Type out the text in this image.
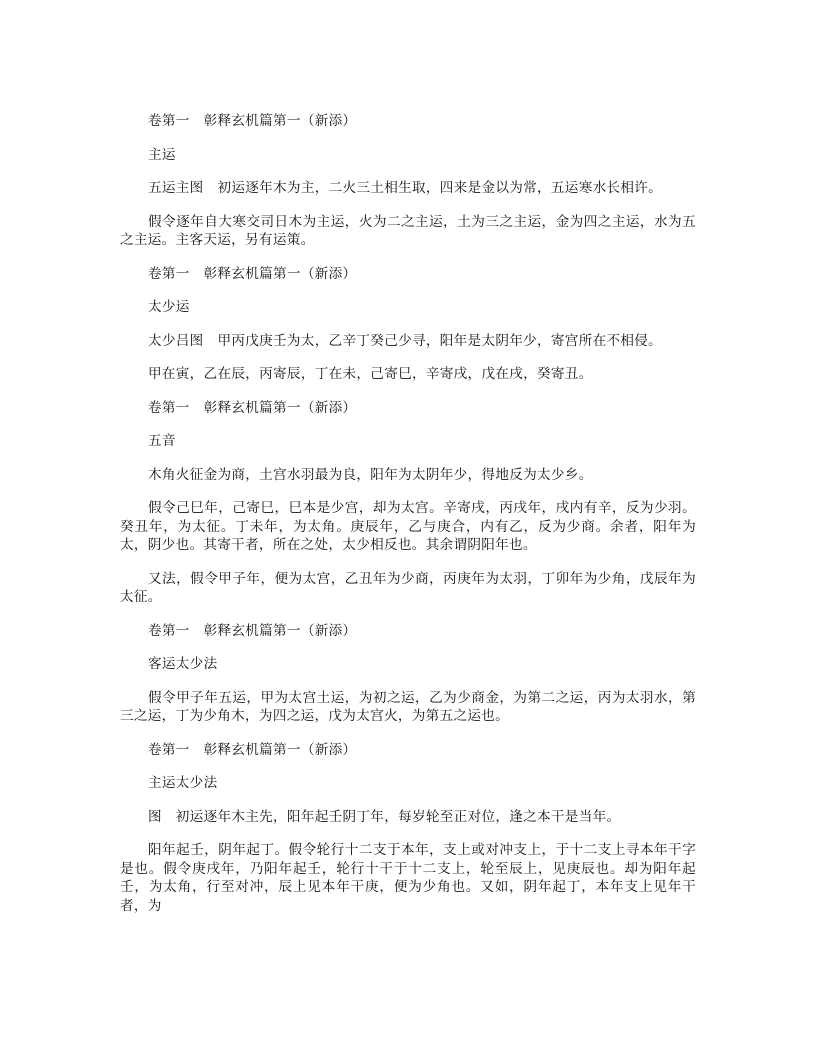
卷第一　彰释玄机篇第一（新添）

主运

五运主图　初运逐年木为主，二火三土相生取，四来是金以为常，五运寒水长相许。

假令逐年自大寒交司日木为主运，火为二之主运，土为三之主运，金为四之主运，水为五之主运。主客天运，另有运策。

卷第一　彰释玄机篇第一（新添）

太少运

太少吕图　甲丙戊庚壬为太，乙辛丁癸己少寻，阳年是太阴年少，寄宫所在不相侵。

甲在寅，乙在辰，丙寄辰，丁在未，己寄巳，辛寄戌，戊在戌，癸寄丑。

卷第一　彰释玄机篇第一（新添）

五音

木角火征金为商，土宫水羽最为良，阳年为太阴年少，得地反为太少乡。

假令己巳年，己寄巳，巳本是少宫，却为太宫。辛寄戌，丙戌年，戌内有辛，反为少羽。癸丑年，为太征。丁未年，为太角。庚辰年，乙与庚合，内有乙，反为少商。余者，阳年为太，阴少也。其寄干者，所在之处，太少相反也。其余谓阴阳年也。

又法，假令甲子年，便为太宫，乙丑年为少商，丙庚年为太羽，丁卯年为少角，戊辰年为太征。

卷第一　彰释玄机篇第一（新添）

客运太少法

假令甲子年五运，甲为太宫土运，为初之运，乙为少商金，为第二之运，丙为太羽水，第三之运，丁为少角木，为四之运，戊为太宫火，为第五之运也。

卷第一　彰释玄机篇第一（新添）

主运太少法

图　初运逐年木主先，阳年起壬阴丁年，每岁轮至正对位，逢之本干是当年。

阳年起壬，阴年起丁。假令轮行十二支于本年，支上或对冲支上，于十二支上寻本年干字是也。假令庚戌年，乃阳年起壬，轮行十干于十二支上，轮至辰上，见庚辰也。却为阳年起壬，为太角，行至对冲，辰上见本年干庚，便为少角也。又如，阴年起丁，本年支上见年干者，为
